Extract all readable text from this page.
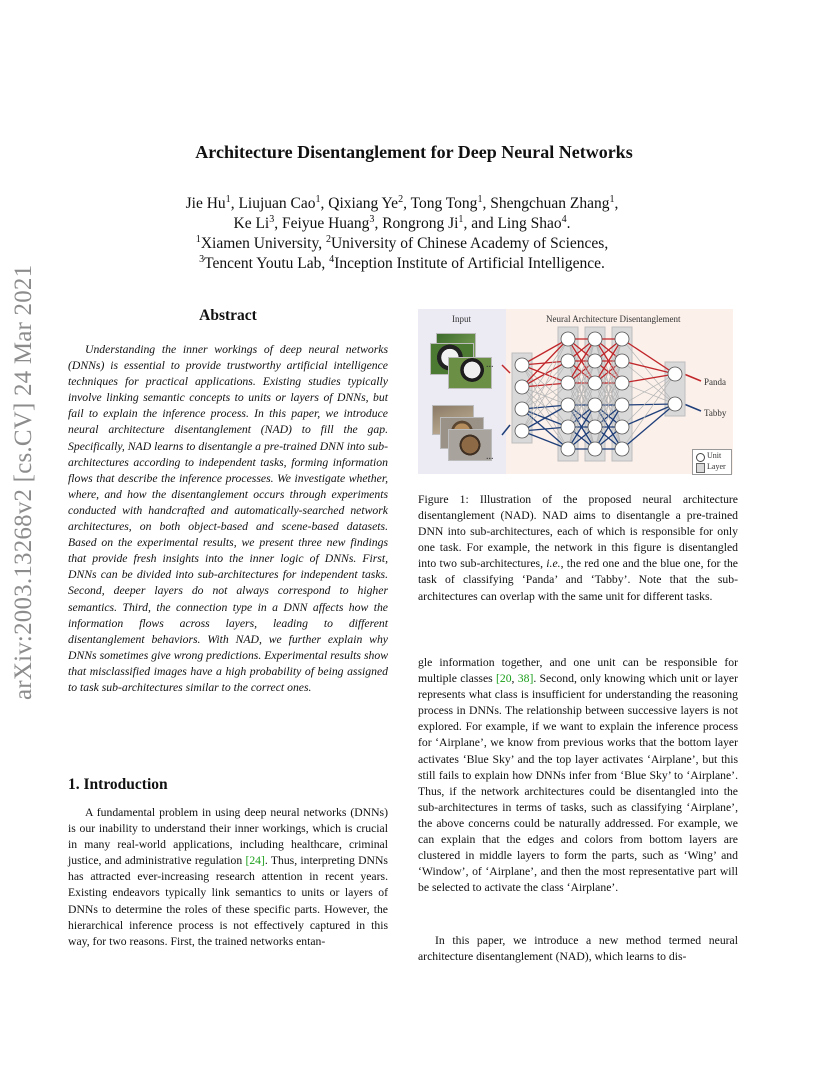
arXiv:2003.13268v2 [cs.CV] 24 Mar 2021
Architecture Disentanglement for Deep Neural Networks
Jie Hu$^1$, Liujuan Cao$^1$, Qixiang Ye$^2$, Tong Tong$^1$, Shengchuan Zhang$^1$,
Ke Li$^3$, Feiyue Huang$^3$, Rongrong Ji$^1$, and Ling Shao$^4$.
$^1$Xiamen University, $^2$University of Chinese Academy of Sciences,
$^3$Tencent Youtu Lab, $^4$Inception Institute of Artificial Intelligence.
Abstract

Understanding the inner workings of deep neural networks (DNNs) is essential to provide trustworthy artificial intelligence techniques for practical applications. Existing studies typically involve linking semantic concepts to units or layers of DNNs, but fail to explain the inference process. In this paper, we introduce neural architecture disentanglement (NAD) to fill the gap. Specifically, NAD learns to disentangle a pre-trained DNN into sub-architectures according to independent tasks, forming information flows that describe the inference processes. We investigate whether, where, and how the disentanglement occurs through experiments conducted with handcrafted and automatically-searched network architectures, on both object-based and scene-based datasets. Based on the experimental results, we present three new findings that provide fresh insights into the inner logic of DNNs. First, DNNs can be divided into sub-architectures for independent tasks. Second, deeper layers do not always correspond to higher semantics. Third, the connection type in a DNN affects how the information flows across layers, leading to different disentanglement behaviors. With NAD, we further explain why DNNs sometimes give wrong predictions. Experimental results show that misclassified images have a high probability of being assigned to task sub-architectures similar to the correct ones.

1. Introduction

A fundamental problem in using deep neural networks (DNNs) is our inability to understand their inner workings, which is crucial in many real-world applications, including healthcare, criminal justice, and administrative regulation [24]. Thus, interpreting DNNs has attracted ever-increasing research attention in recent years. Existing endeavors typically link semantics to units or layers of DNNs to determine the roles of these specific parts. However, the hierarchical inference process is not effectively captured in this way, for two reasons. First, the trained networks entan-

Input	Neural Architecture Disentanglement
...
...
Panda
Tabby
Unit
Layer

Figure 1: Illustration of the proposed neural architecture disentanglement (NAD). NAD aims to disentangle a pre-trained DNN into sub-architectures, each of which is responsible for only one task. For example, the network in this figure is disentangled into two sub-architectures, i.e., the red one and the blue one, for the task of classifying ‘Panda’ and ‘Tabby’. Note that the sub-architectures can overlap with the same unit for different tasks.

gle information together, and one unit can be responsible for multiple classes [20, 38]. Second, only knowing which unit or layer represents what class is insufficient for understanding the reasoning process in DNNs. The relationship between successive layers is not explored. For example, if we want to explain the inference process for ‘Airplane’, we know from previous works that the bottom layer activates ‘Blue Sky’ and the top layer activates ‘Airplane’, but this still fails to explain how DNNs infer from ‘Blue Sky’ to ‘Airplane’. Thus, if the network architectures could be disentangled into the sub-architectures in terms of tasks, such as classifying ‘Airplane’, the above concerns could be naturally addressed. For example, we can explain that the edges and colors from bottom layers are clustered in middle layers to form the parts, such as ‘Wing’ and ‘Window’, of ‘Airplane’, and then the most representative part will be selected to activate the class ‘Airplane’.

In this paper, we introduce a new method termed neural architecture disentanglement (NAD), which learns to dis-
